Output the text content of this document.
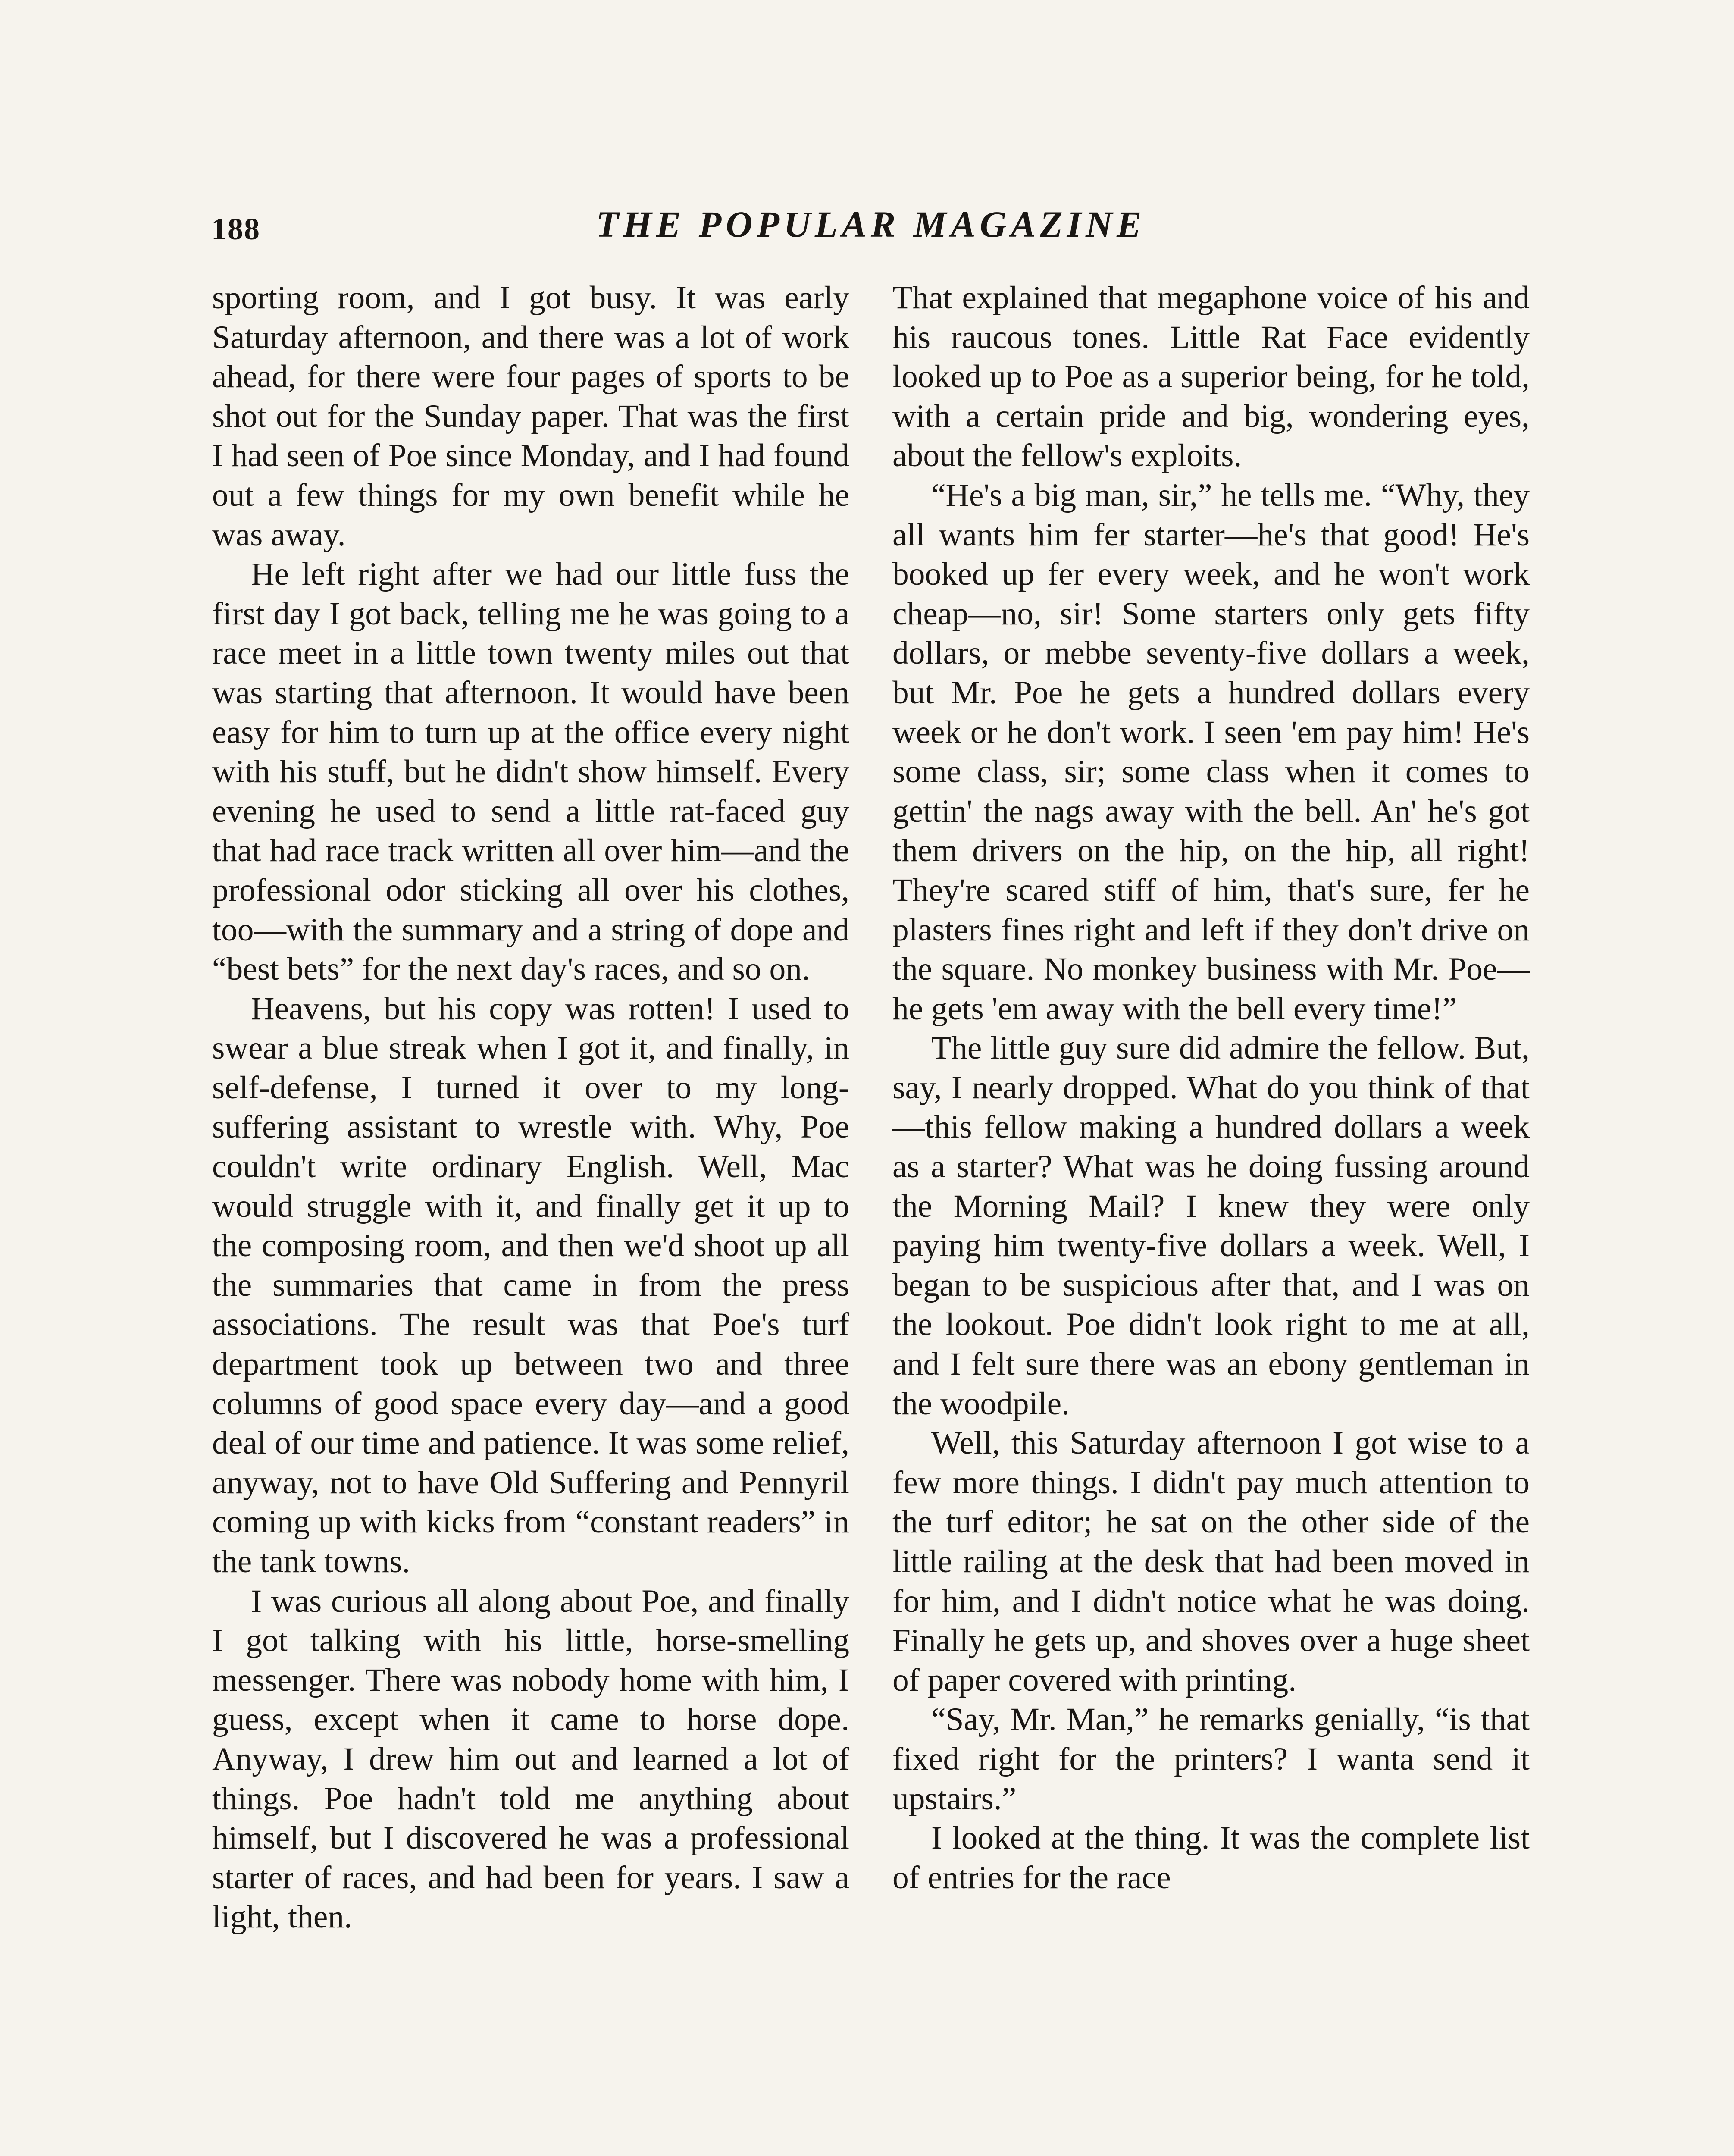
188	THE POPULAR MAGAZINE

sporting room, and I got busy. It was early Saturday afternoon, and there was a lot of work ahead, for there were four pages of sports to be shot out for the Sunday paper. That was the first I had seen of Poe since Monday, and I had found out a few things for my own benefit while he was away.

He left right after we had our little fuss the first day I got back, telling me he was going to a race meet in a little town twenty miles out that was starting that afternoon. It would have been easy for him to turn up at the office every night with his stuff, but he didn't show himself. Every evening he used to send a little rat-faced guy that had race track written all over him—and the professional odor sticking all over his clothes, too—with the summary and a string of dope and “best bets” for the next day's races, and so on.

Heavens, but his copy was rotten! I used to swear a blue streak when I got it, and finally, in self-defense, I turned it over to my long-suffering assistant to wrestle with. Why, Poe couldn't write ordinary English. Well, Mac would struggle with it, and finally get it up to the composing room, and then we'd shoot up all the summaries that came in from the press associations. The result was that Poe's turf department took up between two and three columns of good space every day—and a good deal of our time and patience. It was some relief, anyway, not to have Old Suffering and Pennyril coming up with kicks from “constant readers” in the tank towns.

I was curious all along about Poe, and finally I got talking with his little, horse-smelling messenger. There was nobody home with him, I guess, except when it came to horse dope. Anyway, I drew him out and learned a lot of things. Poe hadn't told me anything about himself, but I discovered he was a professional starter of races, and had been for years. I saw a light, then.

That explained that megaphone voice of his and his raucous tones. Little Rat Face evidently looked up to Poe as a superior being, for he told, with a certain pride and big, wondering eyes, about the fellow's exploits.

“He's a big man, sir,” he tells me. “Why, they all wants him fer starter—he's that good! He's booked up fer every week, and he won't work cheap—no, sir! Some starters only gets fifty dollars, or mebbe seventy-five dollars a week, but Mr. Poe he gets a hundred dollars every week or he don't work. I seen 'em pay him! He's some class, sir; some class when it comes to gettin' the nags away with the bell. An' he's got them drivers on the hip, on the hip, all right! They're scared stiff of him, that's sure, fer he plasters fines right and left if they don't drive on the square. No monkey business with Mr. Poe—he gets 'em away with the bell every time!”

The little guy sure did admire the fellow. But, say, I nearly dropped. What do you think of that—this fellow making a hundred dollars a week as a starter? What was he doing fussing around the Morning Mail? I knew they were only paying him twenty-five dollars a week. Well, I began to be suspicious after that, and I was on the lookout. Poe didn't look right to me at all, and I felt sure there was an ebony gentleman in the woodpile.

Well, this Saturday afternoon I got wise to a few more things. I didn't pay much attention to the turf editor; he sat on the other side of the little railing at the desk that had been moved in for him, and I didn't notice what he was doing. Finally he gets up, and shoves over a huge sheet of paper covered with printing.

“Say, Mr. Man,” he remarks genially, “is that fixed right for the printers? I wanta send it upstairs.”

I looked at the thing. It was the complete list of entries for the race
